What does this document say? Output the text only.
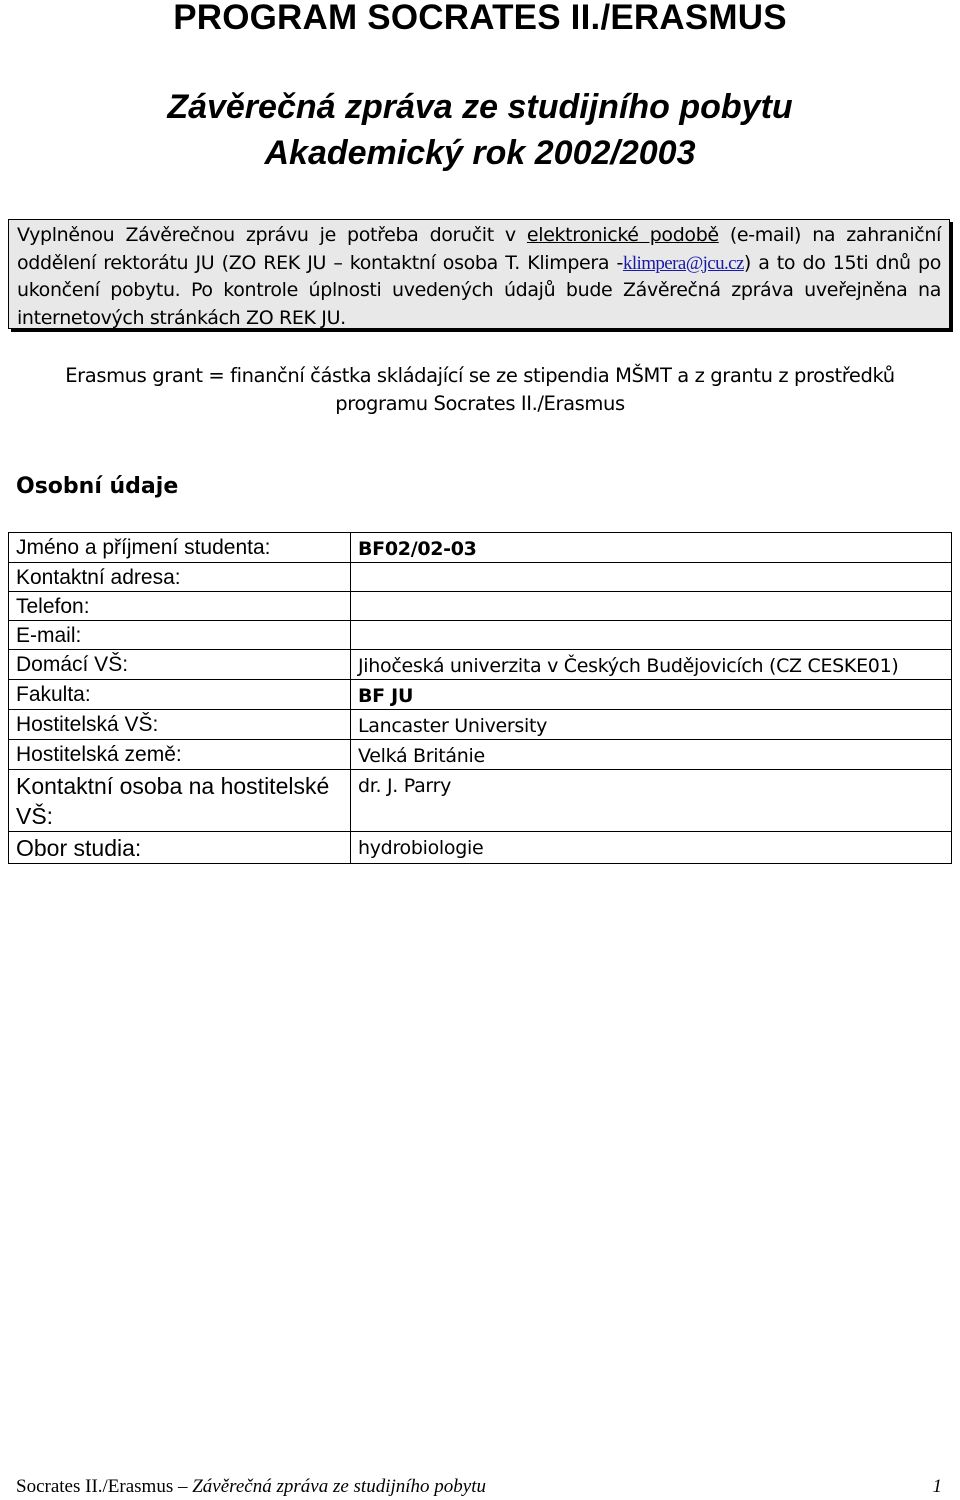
PROGRAM SOCRATES II./ERASMUS
Závěrečná zpráva ze studijního pobytu
Akademický rok 2002/2003
Vyplněnou Závěrečnou zprávu je potřeba doručit v elektronické podobě (e-mail) na zahraniční oddělení rektorátu JU (ZO REK JU – kontaktní osoba T. Klimpera -klimpera@jcu.cz) a to do 15ti dnů po ukončení pobytu. Po kontrole úplnosti uvedených údajů bude Závěrečná zpráva uveřejněna na internetových stránkách ZO REK JU.
Erasmus grant = finanční částka skládající se ze stipendia MŠMT a z grantu z prostředků programu Socrates II./Erasmus
Osobní údaje
Jméno a příjmení studenta:	BF02/02-03
Kontaktní adresa:	
Telefon:	
E-mail:	
Domácí VŠ:	Jihočeská univerzita v Českých Budějovicích (CZ CESKE01)
Fakulta:	BF JU
Hostitelská VŠ:	Lancaster University
Hostitelská země:	Velká Británie
Kontaktní osoba na hostitelské VŠ:	dr. J. Parry
Obor studia:	hydrobiologie
Socrates II./Erasmus – Závěrečná zpráva ze studijního pobytu	1
